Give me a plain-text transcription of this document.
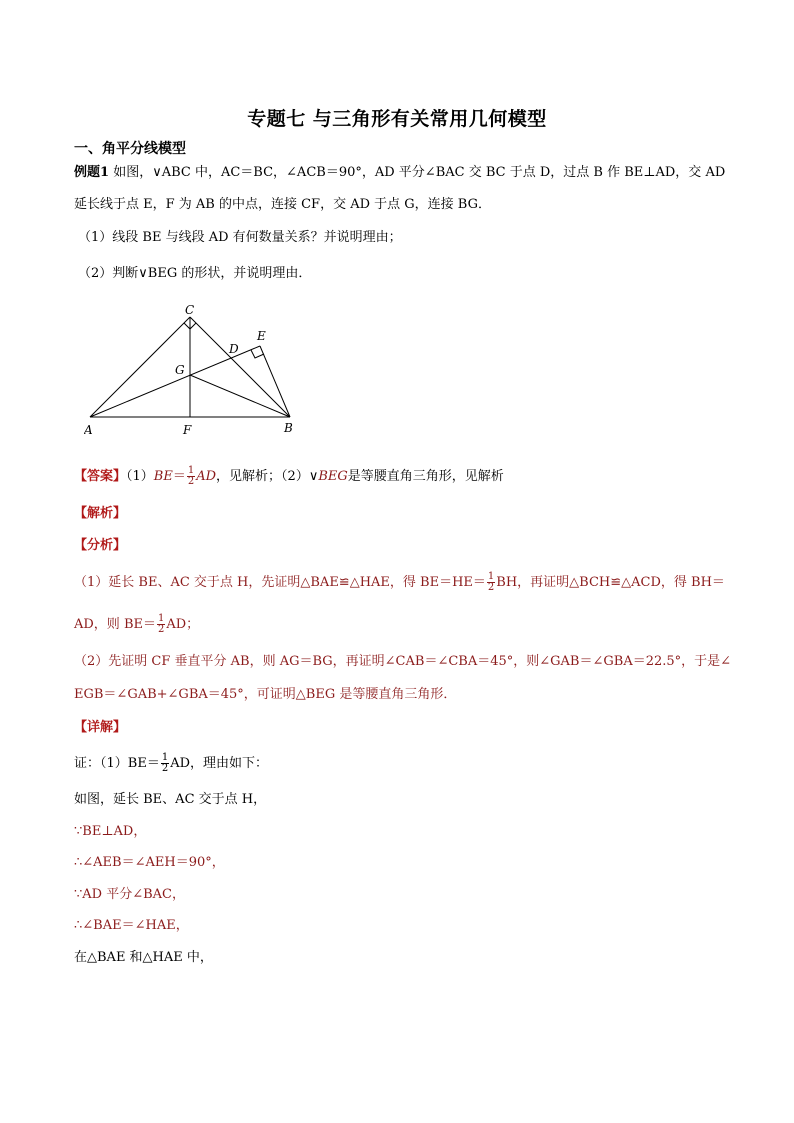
专题七 与三角形有关常用几何模型
一、角平分线模型
例题1 如图，∨ABC 中，AC＝BC，∠ACB＝90°，AD 平分∠BAC 交 BC 于点 D，过点 B 作 BE⊥AD，交 AD
延长线于点 E，F 为 AB 的中点，连接 CF，交 AD 于点 G，连接 BG．
（1）线段 BE 与线段 AD 有何数量关系？并说明理由；
（2）判断∨BEG 的形状，并说明理由．
A	B
C
D
E
F
G
【答案】$(1)BE= \frac{1}{2}$ AD，见解析；（2）∨BEG是等腰直角三角形，见解析
【解析】
【分析】
（1）延长 BE、AC 交于点 H，先证明△BAE≌△HAE，得 $BE=HE= \frac{1}{2}$ BH，再证明△BCH≌△ACD，得 BH＝
AD，则 $BE= \frac{1}{2}$ AD；
（2）先证明 CF 垂直平分 AB，则 AG＝BG，再证明∠CAB＝∠CBA＝45°，则∠GAB＝∠GBA＝22.5°，于是∠
EGB＝∠GAB+∠GBA＝45°，可证明△BEG 是等腰直角三角形．
【详解】
证：$(1)BE= \frac{1}{2}$ AD，理由如下：
如图，延长 BE、AC 交于点 H，
∵BE⊥AD，
∴∠AEB＝∠AEH＝90°，
∵AD 平分∠BAC，
∴∠BAE＝∠HAE，
在△BAE 和△HAE 中，
